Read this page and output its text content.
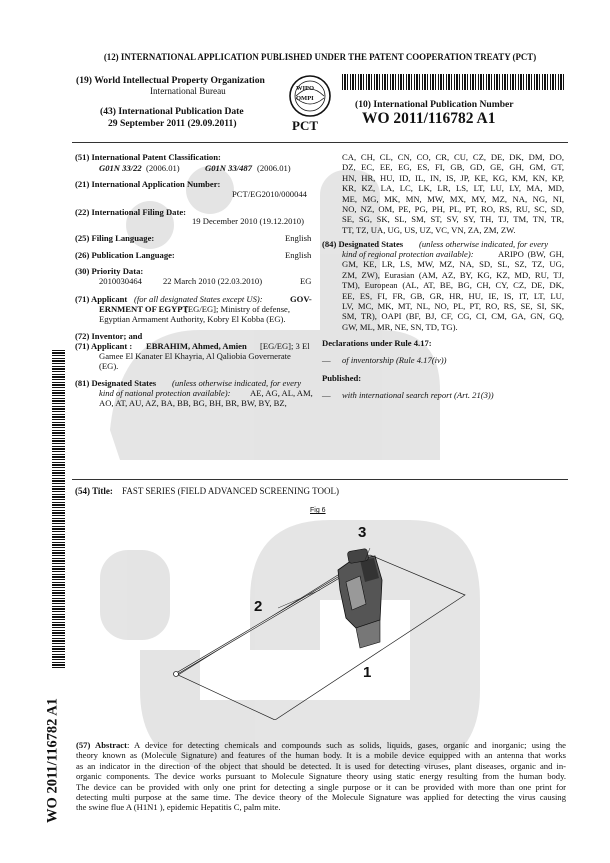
(12) INTERNATIONAL APPLICATION PUBLISHED UNDER THE PATENT COOPERATION TREATY (PCT)
(19) World Intellectual Property Organization
International Bureau
(43) International Publication Date
29 September 2011 (29.09.2011)
WIPO
OMPI
PCT
(10) International Publication Number
WO 2011/116782 A1
WO 2011/116782 A1
(51) International Patent Classification:
G01N 33/22 (2006.01)	G01N 33/487 (2006.01)
(21) International Application Number:
PCT/EG2010/000044
(22) International Filing Date:
19 December 2010 (19.12.2010)
(25) Filing Language:	English
(26) Publication Language:	English
(30) Priority Data:
2010030464 22 March 2010 (22.03.2010)	EG
(71) Applicant (for all designated States except US):	GOV-
ERNMENT OF EGYPT
[EG/EG]; Ministry of defense,
Egyptian Armament Authority, Kobry El Kobba (EG).
(72) Inventor; and
(71) Applicant : EBRAHIM, Ahmed, Amien [EG/EG]; 3 El
Gamee El Kanater El Khayria, Al Qaliobia Governerate
(EG).
(81) Designated States (unless otherwise indicated, for every
kind of national protection available): AE, AG, AL, AM,
AO, AT, AU, AZ, BA, BB, BG, BH, BR, BW, BY, BZ,
CA, CH, CL, CN, CO, CR, CU, CZ, DE, DK, DM, DO,
DZ, EC, EE, EG, ES, FI, GB, GD, GE, GH, GM, GT,
HN, HR, HU, ID, IL, IN, IS, JP, KE, KG, KM, KN, KP,
KR, KZ, LA, LC, LK, LR, LS, LT, LU, LY, MA, MD,
ME, MG, MK, MN, MW, MX, MY, MZ, NA, NG, NI,
NO, NZ, OM, PE, PG, PH, PL, PT, RO, RS, RU, SC, SD,
SE, SG, SK, SL, SM, ST, SV, SY, TH, TJ, TM, TN, TR,
TT, TZ, UA, UG, US, UZ, VC, VN, ZA, ZM, ZW.
(84) Designated States (unless otherwise indicated, for every
kind of regional protection available):	ARIPO (BW, GH,
GM, KE, LR, LS, MW, MZ, NA, SD, SL, SZ, TZ, UG,
ZM, ZW), Eurasian (AM, AZ, BY, KG, KZ, MD, RU, TJ,
TM), European (AL, AT, BE, BG, CH, CY, CZ, DE, DK,
EE, ES, FI, FR, GB, GR, HR, HU, IE, IS, IT, LT, LU,
LV, MC, MK, MT, NL, NO, PL, PT, RO, RS, SE, SI, SK,
SM, TR), OAPI (BF, BJ, CF, CG, CI, CM, GA, GN, GQ,
GW, ML, MR, NE, SN, TD, TG).
Declarations under Rule 4.17:
— of inventorship (Rule 4.17(iv))
Published:
— with international search report (Art. 21(3))
(54) Title: FAST SERIES (FIELD ADVANCED SCREENING TOOL)
Fig 6
3
2
1
(57) Abstract: A device for detecting chemicals and compounds such as solids, liquids, gases, organic and inorganic; using the
theory known as (Molecule Signature) and features of the human body. It is a mobile device equipped with an antenna that works
as an indicator in the direction of the object that should be detected. It is used for detecting viruses, plant diseases, organic and in-
organic components. The device works pursuant to Molecule Signature theory using static energy resulting from the human body.
The device can be provided with only one print for detecting a single purpose or it can be provided with more than one print for
detecting multi purpose at the same time. The device theory of the Molecule Signature was applied for detecting the virus causing
the swine flue A (H1N1 ), epidemic Hepatitis C, palm mite.
